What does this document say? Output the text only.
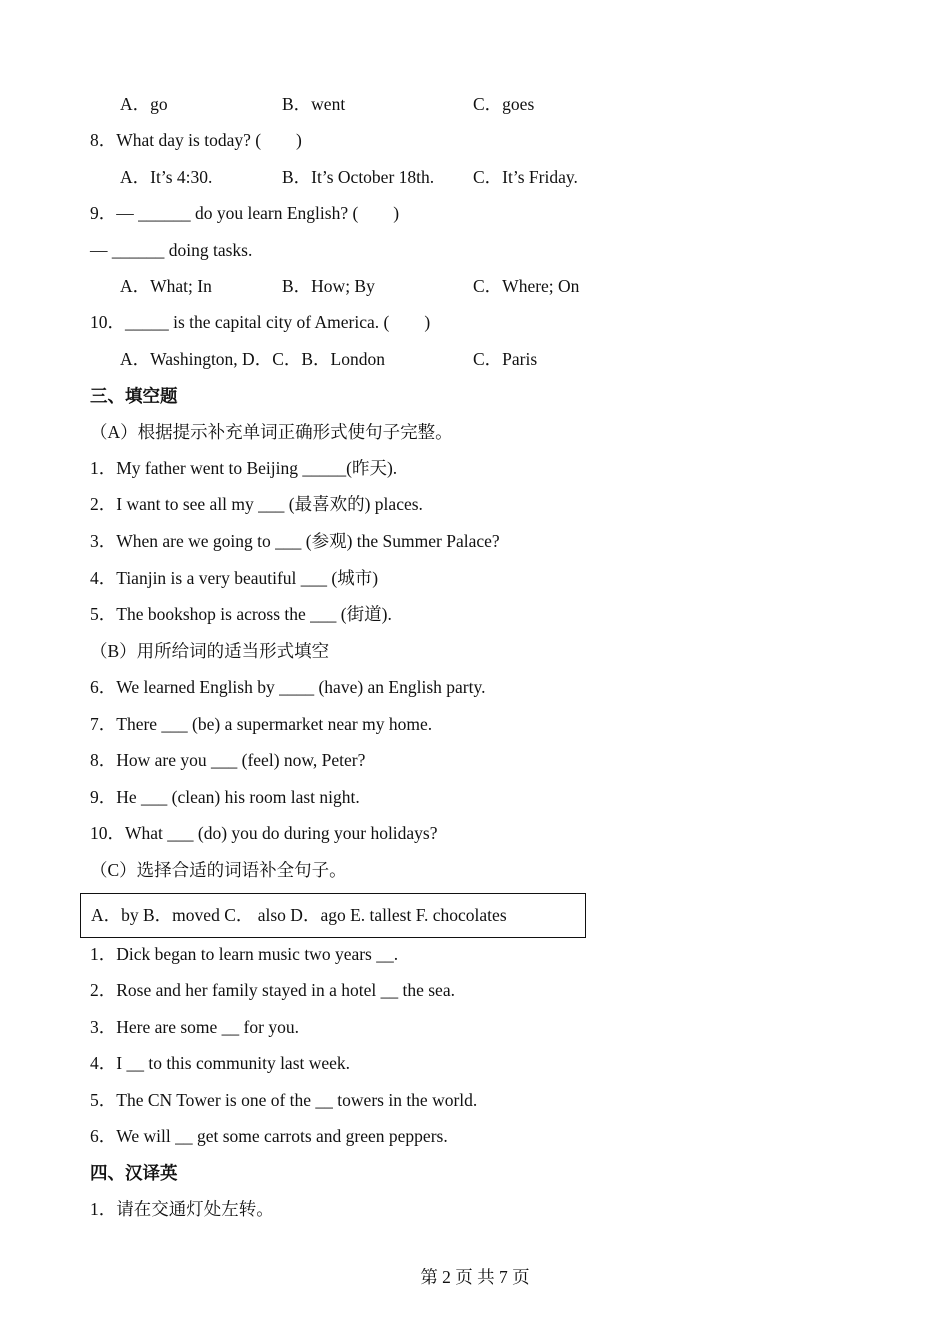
A．go	B．went	C．goes
8．What day is today? (　　)
A．It’s 4:30.	B．It’s October 18th. C．It’s Friday.
9．— ______ do you learn English? (　　)
— ______ doing tasks.
A．What; In	B．How; By	C．Where; On
10．_____ is the capital city of America. (　　)
A．Washington, D．C．B．London	C．Paris
三、填空题
（A）根据提示补充单词正确形式使句子完整。
1．My father went to Beijing _____(昨天).
2．I want to see all my ___ (最喜欢的) places.
3．When are we going to ___ (参观) the Summer Palace?
4．Tianjin is a very beautiful ___ (城市)
5．The bookshop is across the ___ (街道).
（B）用所给词的适当形式填空
6．We learned English by ____ (have) an English party.
7．There ___ (be) a supermarket near my home.
8．How are you ___ (feel) now, Peter?
9．He ___ (clean) his room last night.
10．What ___ (do) you do during your holidays?
（C）选择合适的词语补全句子。
A．by B．moved C． also D．ago E. tallest F. chocolates
1．Dick began to learn music two years __.
2．Rose and her family stayed in a hotel __ the sea.
3．Here are some __ for you.
4．I __ to this community last week.
5．The CN Tower is one of the __ towers in the world.
6．We will __ get some carrots and green peppers.
四、汉译英
1．请在交通灯处左转。
第 2 页 共 7 页
